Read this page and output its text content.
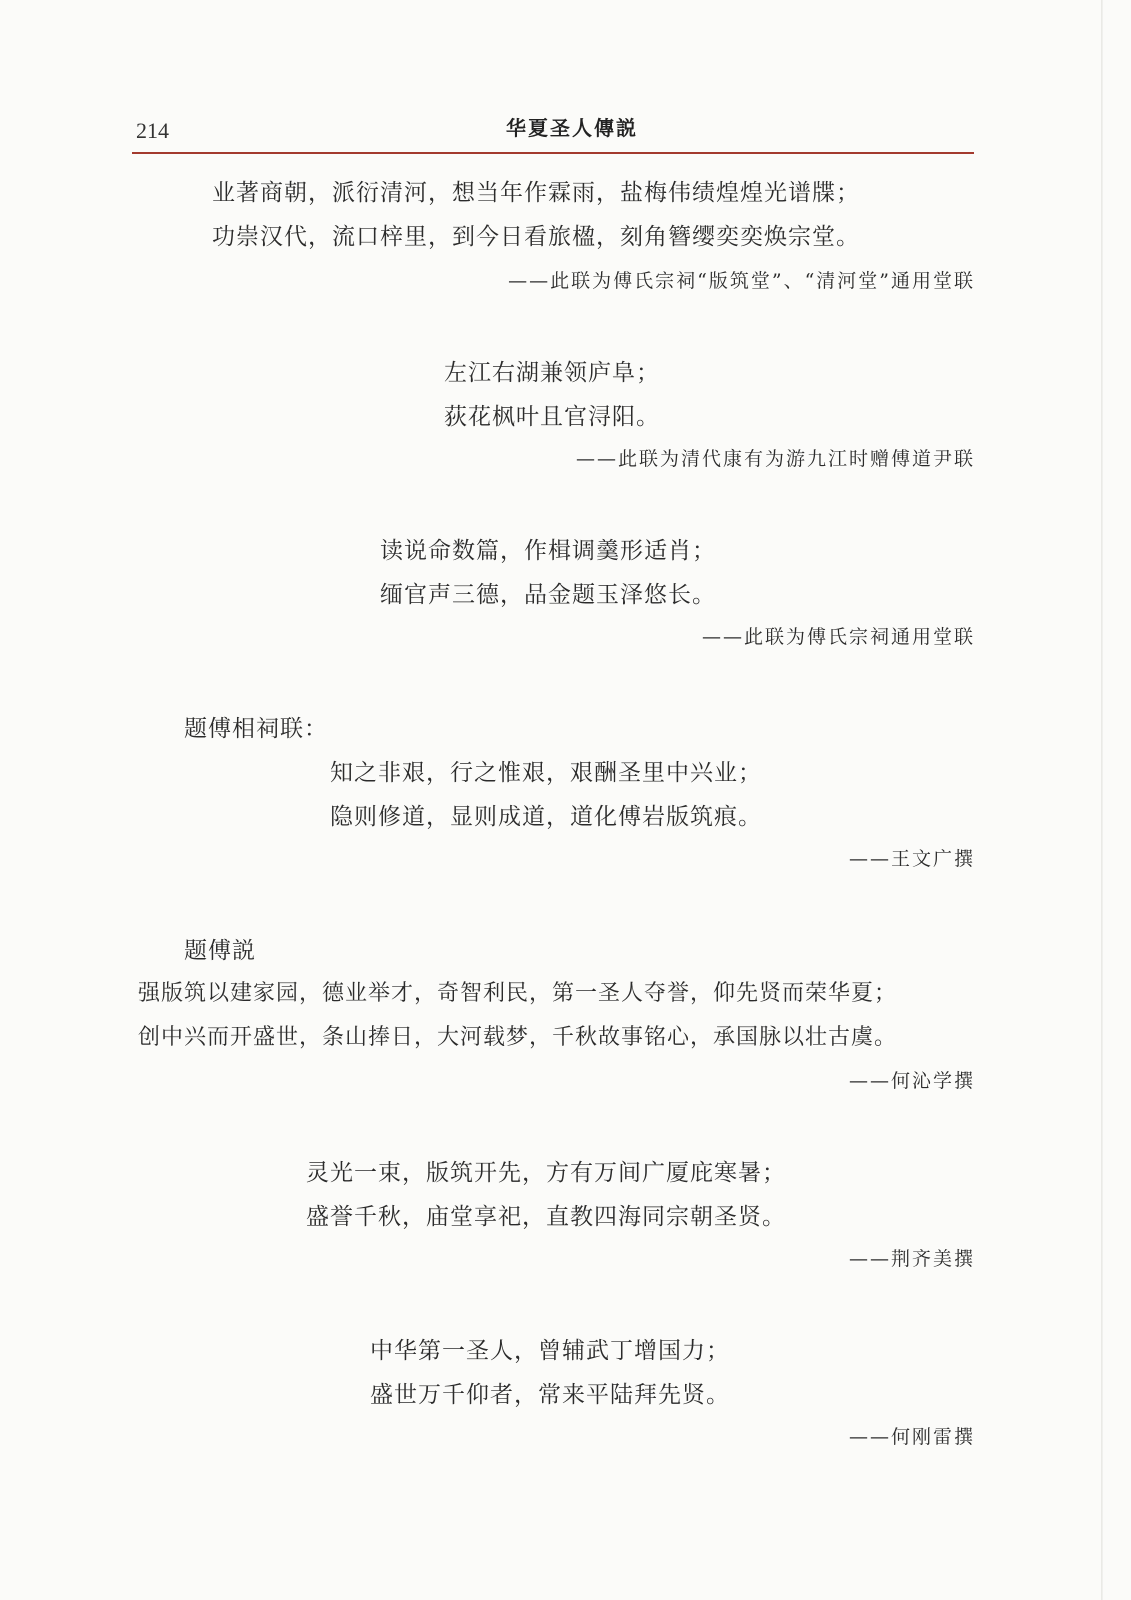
214	华夏圣人傳説
业著商朝，派衍清河，想当年作霖雨，盐梅伟绩煌煌光谱牒；
功崇汉代，流口梓里，到今日看旅楹，刻角簪缨奕奕焕宗堂。
——此联为傅氏宗祠“版筑堂”、“清河堂”通用堂联
左江右湖兼领庐阜；
荻花枫叶且官浔阳。
——此联为清代康有为游九江时赠傅道尹联
读说命数篇，作楫调羹形适肖；
缅官声三德，品金题玉泽悠长。
——此联为傅氏宗祠通用堂联
题傅相祠联：
知之非艰，行之惟艰，艰酬圣里中兴业；
隐则修道，显则成道，道化傅岩版筑痕。
——王文广撰
题傅説
强版筑以建家园，德业举才，奇智利民，第一圣人夺誉，仰先贤而荣华夏；
创中兴而开盛世，条山捧日，大河载梦，千秋故事铭心，承国脉以壮古虞。
——何沁学撰
灵光一束，版筑开先，方有万间广厦庇寒暑；
盛誉千秋，庙堂享祀，直教四海同宗朝圣贤。
——荆齐美撰
中华第一圣人，曾辅武丁增国力；
盛世万千仰者，常来平陆拜先贤。
——何刚雷撰
